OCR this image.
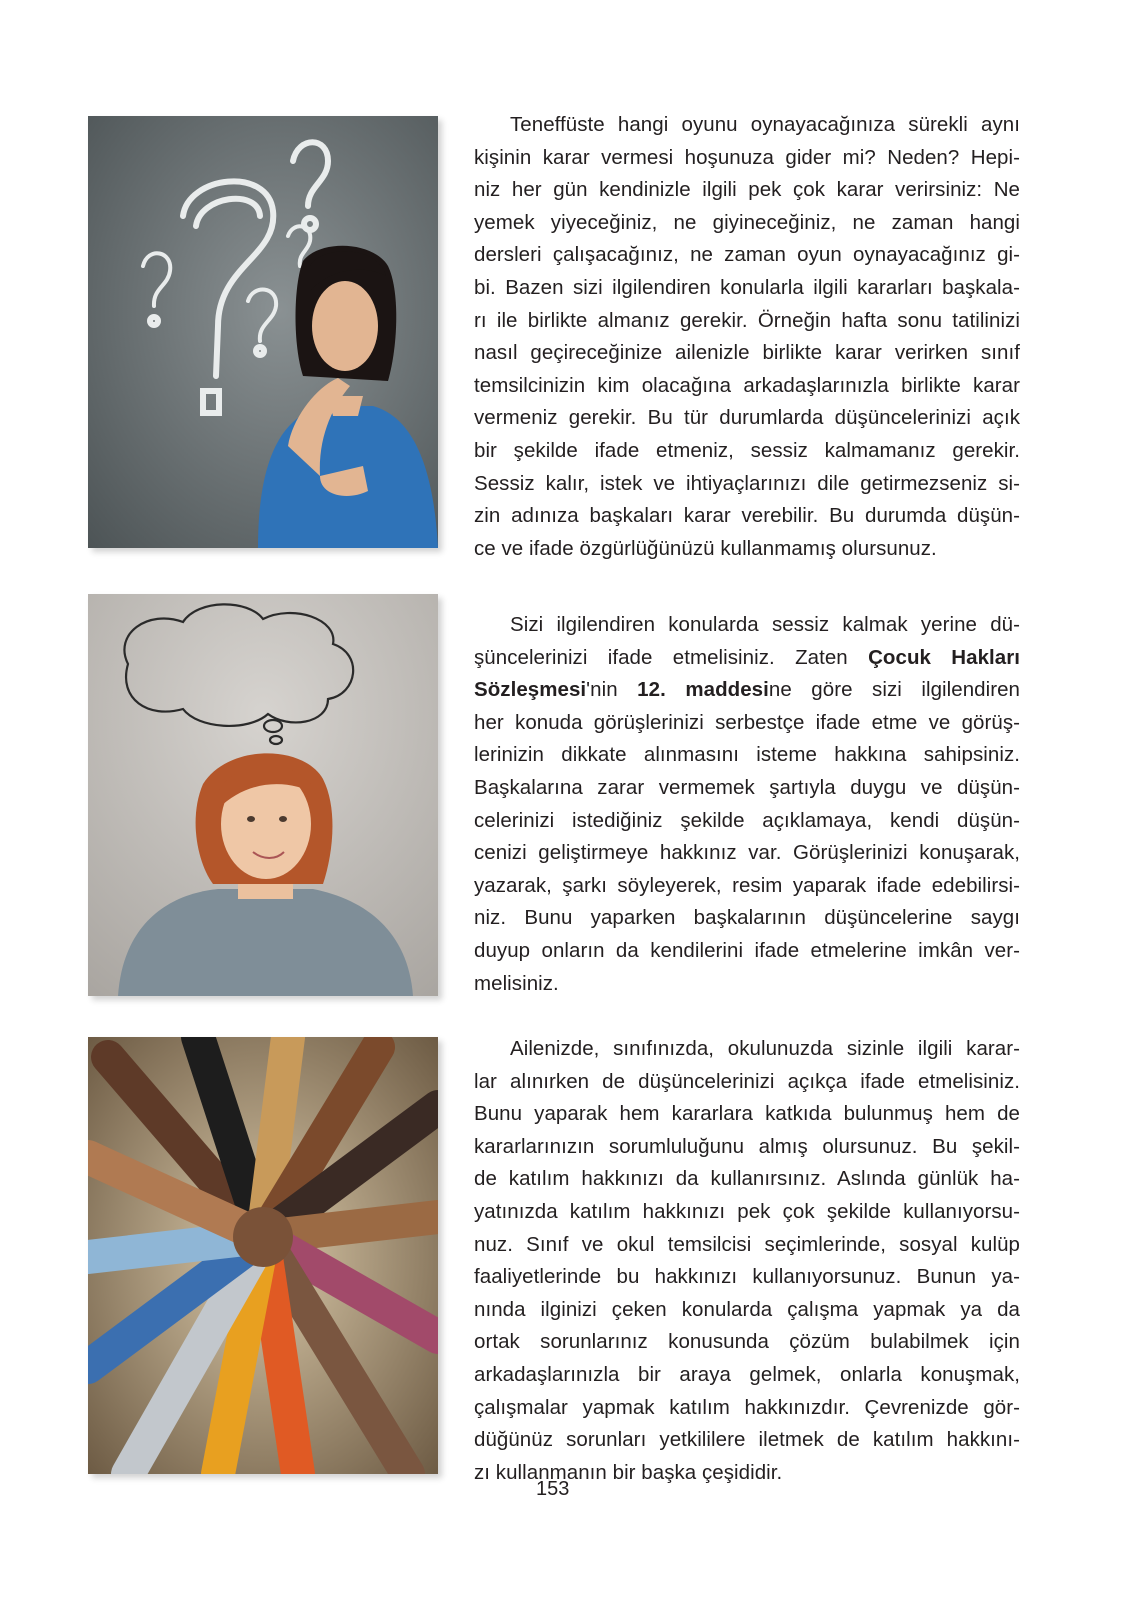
Teneffüste hangi oyunu oynayacağınıza sürekli aynı
kişinin karar vermesi hoşunuza gider mi? Neden? Hepi-
niz her gün kendinizle ilgili pek çok karar verirsiniz: Ne
yemek yiyeceğiniz, ne giyineceğiniz, ne zaman hangi
dersleri çalışacağınız, ne zaman oyun oynayacağınız gi-
bi. Bazen sizi ilgilendiren konularla ilgili kararları başkala-
rı ile birlikte almanız gerekir. Örneğin hafta sonu tatilinizi
nasıl geçireceğinize ailenizle birlikte karar verirken sınıf
temsilcinizin kim olacağına arkadaşlarınızla birlikte karar
vermeniz gerekir. Bu tür durumlarda düşüncelerinizi açık
bir şekilde ifade etmeniz, sessiz kalmamanız gerekir.
Sessiz kalır, istek ve ihtiyaçlarınızı dile getirmezseniz si-
zin adınıza başkaları karar verebilir. Bu durumda düşün-
ce ve ifade özgürlüğünüzü kullanmamış olursunuz.

Sizi ilgilendiren konularda sessiz kalmak yerine dü-
şüncelerinizi ifade etmelisiniz. Zaten Çocuk Hakları
Sözleşmesi'nin 12. maddesine göre sizi ilgilendiren
her konuda görüşlerinizi serbestçe ifade etme ve görüş-
lerinizin dikkate alınmasını isteme hakkına sahipsiniz.
Başkalarına zarar vermemek şartıyla duygu ve düşün-
celerinizi istediğiniz şekilde açıklamaya, kendi düşün-
cenizi geliştirmeye hakkınız var. Görüşlerinizi konuşarak,
yazarak, şarkı söyleyerek, resim yaparak ifade edebilirsi-
niz. Bunu yaparken başkalarının düşüncelerine saygı
duyup onların da kendilerini ifade etmelerine imkân ver-
melisiniz.

Ailenizde, sınıfınızda, okulunuzda sizinle ilgili karar-
lar alınırken de düşüncelerinizi açıkça ifade etmelisiniz.
Bunu yaparak hem kararlara katkıda bulunmuş hem de
kararlarınızın sorumluluğunu almış olursunuz. Bu şekil-
de katılım hakkınızı da kullanırsınız. Aslında günlük ha-
yatınızda katılım hakkınızı pek çok şekilde kullanıyorsu-
nuz. Sınıf ve okul temsilcisi seçimlerinde, sosyal kulüp
faaliyetlerinde bu hakkınızı kullanıyorsunuz. Bunun ya-
nında ilginizi çeken konularda çalışma yapmak ya da
ortak sorunlarınız konusunda çözüm bulabilmek için
arkadaşlarınızla bir araya gelmek, onlarla konuşmak,
çalışmalar yapmak katılım hakkınızdır. Çevrenizde gör-
düğünüz sorunları yetkililere iletmek de katılım hakkını-
zı kullanmanın bir başka çeşididir.

153
